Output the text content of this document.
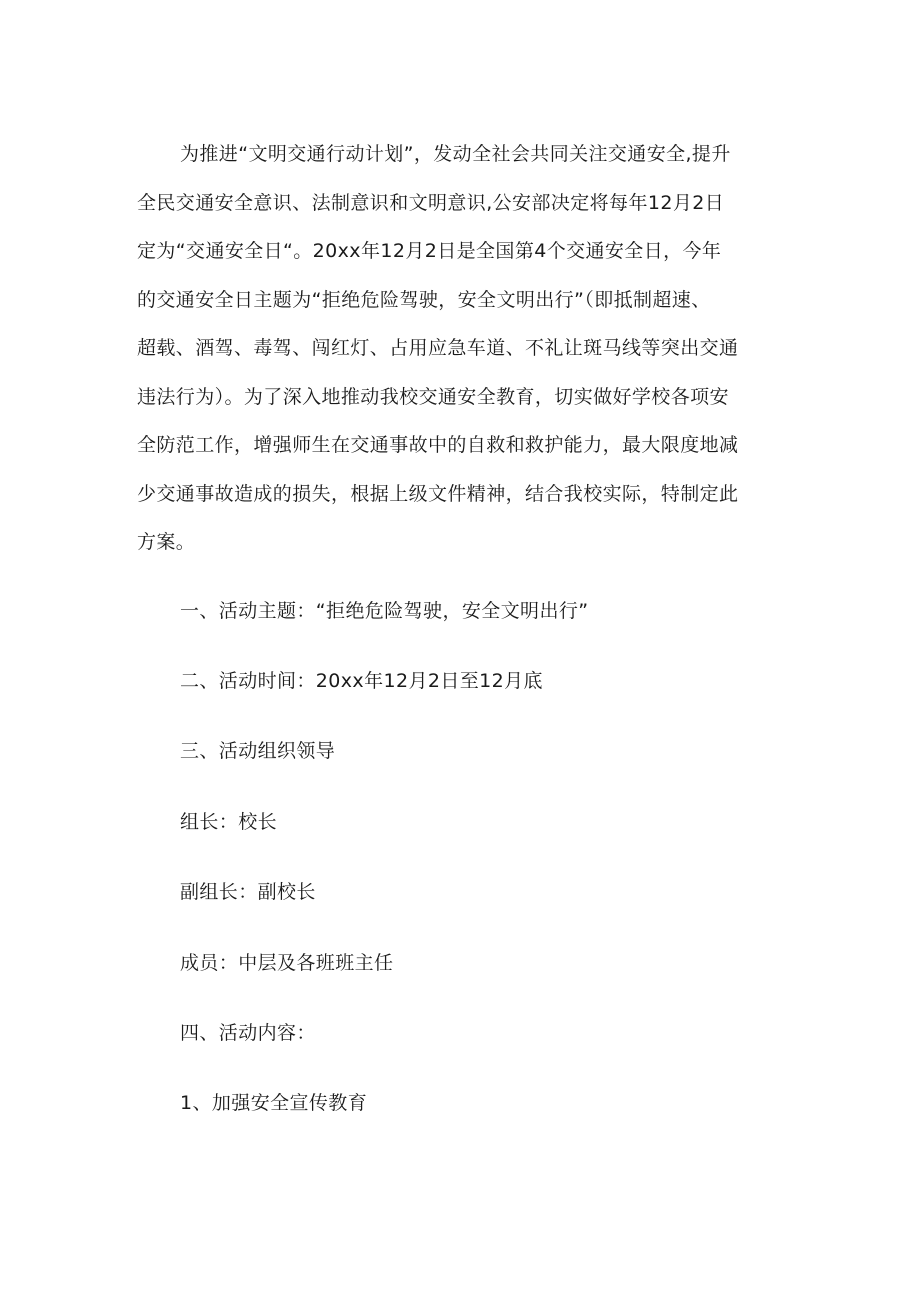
为推进“文明交通行动计划”，发动全社会共同关注交通安全,提升
全民交通安全意识、法制意识和文明意识,公安部决定将每年12月2日
定为“交通安全日“。20xx年12月2日是全国第4个交通安全日，今年
的交通安全日主题为“拒绝危险驾驶，安全文明出行”（即抵制超速、
超载、酒驾、毒驾、闯红灯、占用应急车道、不礼让斑马线等突出交通
违法行为）。为了深入地推动我校交通安全教育，切实做好学校各项安
全防范工作，增强师生在交通事故中的自救和救护能力，最大限度地减
少交通事故造成的损失，根据上级文件精神，结合我校实际，特制定此
方案。

一、活动主题：“拒绝危险驾驶，安全文明出行”

二、活动时间：20xx年12月2日至12月底

三、活动组织领导

组长：校长

副组长：副校长

成员：中层及各班班主任

四、活动内容：

1、加强安全宣传教育
